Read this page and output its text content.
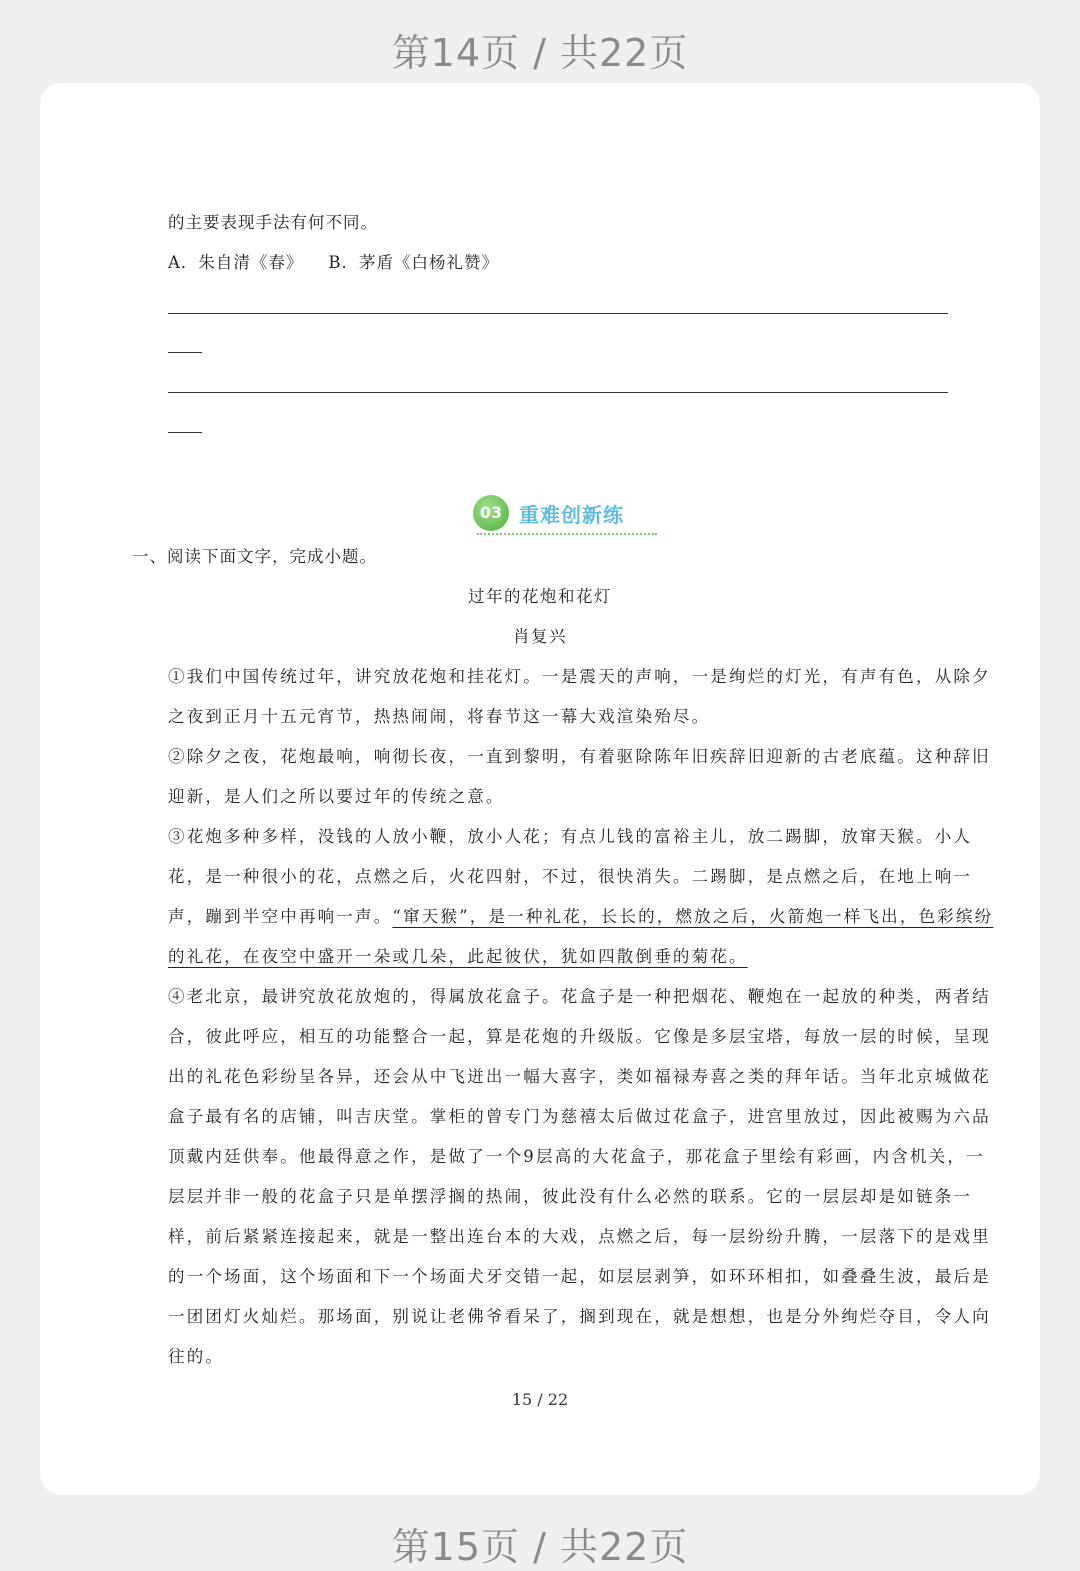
第14页 / 共22页
的主要表现手法有何不同。
A．朱自清《春》    B．茅盾《白杨礼赞》
03 重难创新练
一、阅读下面文字，完成小题。
过年的花炮和花灯
肖复兴
①我们中国传统过年，讲究放花炮和挂花灯。一是震天的声响，一是绚烂的灯光，有声有色，从除夕
之夜到正月十五元宵节，热热闹闹，将春节这一幕大戏渲染殆尽。
②除夕之夜，花炮最响，响彻长夜，一直到黎明，有着驱除陈年旧疾辞旧迎新的古老底蕴。这种辞旧
迎新，是人们之所以要过年的传统之意。
③花炮多种多样，没钱的人放小鞭，放小人花；有点儿钱的富裕主儿，放二踢脚，放窜天猴。小人
花，是一种很小的花，点燃之后，火花四射，不过，很快消失。二踢脚，是点燃之后，在地上响一
声，蹦到半空中再响一声。“窜天猴”，是一种礼花，长长的，燃放之后，火箭炮一样飞出，色彩缤纷
的礼花，在夜空中盛开一朵或几朵，此起彼伏，犹如四散倒垂的菊花。
④老北京，最讲究放花放炮的，得属放花盒子。花盒子是一种把烟花、鞭炮在一起放的种类，两者结
合，彼此呼应，相互的功能整合一起，算是花炮的升级版。它像是多层宝塔，每放一层的时候，呈现
出的礼花色彩纷呈各异，还会从中飞迸出一幅大喜字，类如福禄寿喜之类的拜年话。当年北京城做花
盒子最有名的店铺，叫吉庆堂。掌柜的曾专门为慈禧太后做过花盒子，进宫里放过，因此被赐为六品
顶戴内廷供奉。他最得意之作，是做了一个9层高的大花盒子，那花盒子里绘有彩画，内含机关，一
层层并非一般的花盒子只是单摆浮搁的热闹，彼此没有什么必然的联系。它的一层层却是如链条一
样，前后紧紧连接起来，就是一整出连台本的大戏，点燃之后，每一层纷纷升腾，一层落下的是戏里
的一个场面，这个场面和下一个场面犬牙交错一起，如层层剥笋，如环环相扣，如叠叠生波，最后是
一团团灯火灿烂。那场面，别说让老佛爷看呆了，搁到现在，就是想想，也是分外绚烂夺目，令人向
往的。
15 / 22
第15页 / 共22页
